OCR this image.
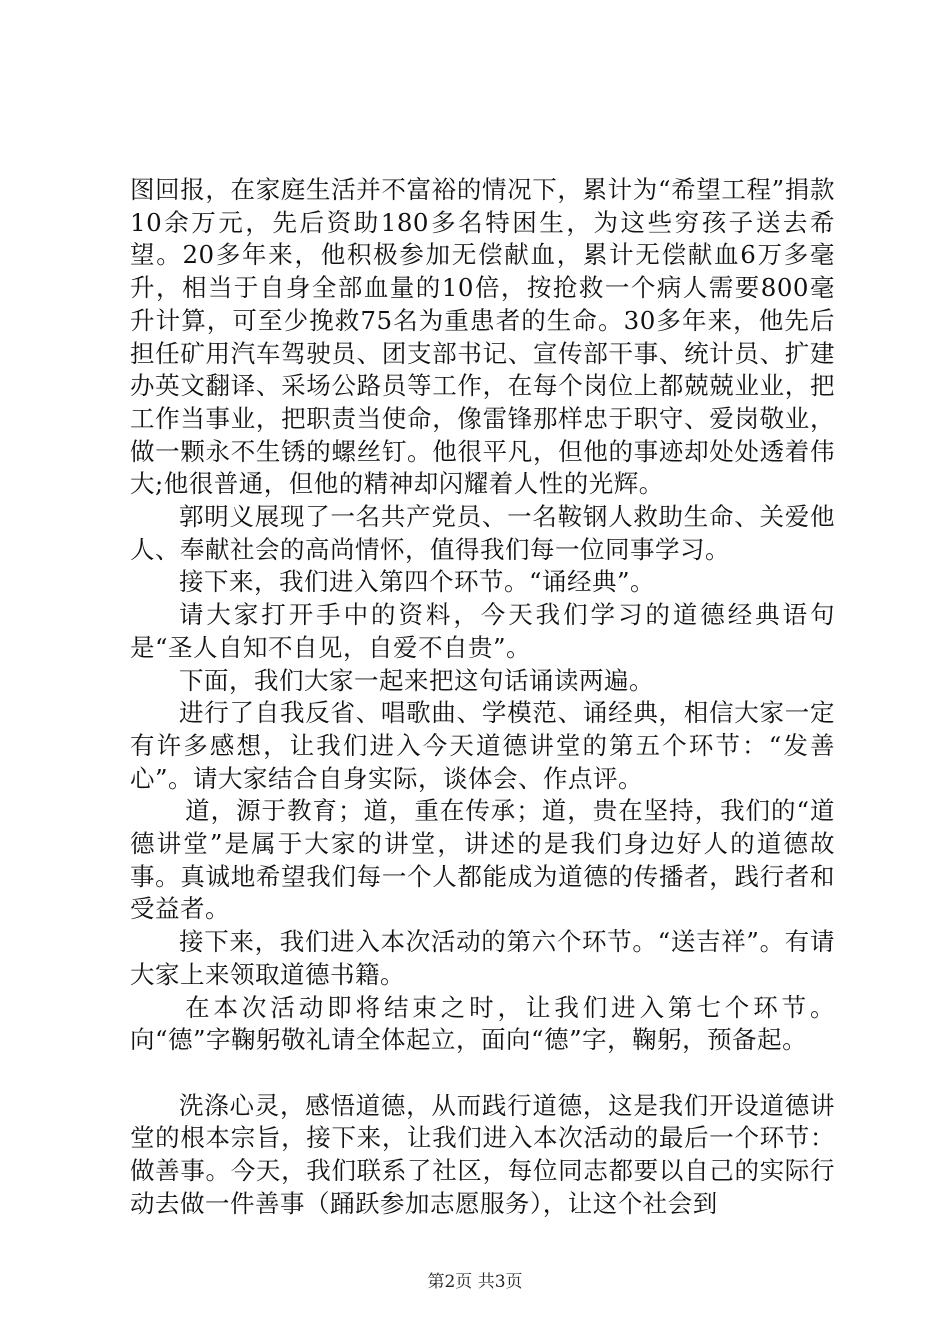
图回报，在家庭生活并不富裕的情况下，累计为“希望工程”捐款10余万元，先后资助180多名特困生，为这些穷孩子送去希望。20多年来，他积极参加无偿献血，累计无偿献血6万多毫升，相当于自身全部血量的10倍，按抢救一个病人需要800毫升计算，可至少挽救75名为重患者的生命。30多年来，他先后担任矿用汽车驾驶员、团支部书记、宣传部干事、统计员、扩建办英文翻译、采场公路员等工作，在每个岗位上都兢兢业业，把工作当事业，把职责当使命，像雷锋那样忠于职守、爱岗敬业，做一颗永不生锈的螺丝钉。他很平凡，但他的事迹却处处透着伟大;他很普通，但他的精神却闪耀着人性的光辉。

郭明义展现了一名共产党员、一名鞍钢人救助生命、关爱他人、奉献社会的高尚情怀，值得我们每一位同事学习。

接下来，我们进入第四个环节。“诵经典”。

请大家打开手中的资料，今天我们学习的道德经典语句是“圣人自知不自见，自爱不自贵”。

下面，我们大家一起来把这句话诵读两遍。

进行了自我反省、唱歌曲、学模范、诵经典，相信大家一定有许多感想，让我们进入今天道德讲堂的第五个环节：“发善心”。请大家结合自身实际，谈体会、作点评。

道，源于教育；道，重在传承；道，贵在坚持，我们的“道德讲堂”是属于大家的讲堂，讲述的是我们身边好人的道德故事。真诚地希望我们每一个人都能成为道德的传播者，践行者和受益者。

接下来，我们进入本次活动的第六个环节。“送吉祥”。有请大家上来领取道德书籍。

在本次活动即将结束之时，让我们进入第七个环节。向“德”字鞠躬敬礼请全体起立，面向“德”字，鞠躬，预备起。

洗涤心灵，感悟道德，从而践行道德，这是我们开设道德讲堂的根本宗旨，接下来，让我们进入本次活动的最后一个环节：做善事。今天，我们联系了社区，每位同志都要以自己的实际行动去做一件善事（踊跃参加志愿服务），让这个社会到

第2页 共3页
